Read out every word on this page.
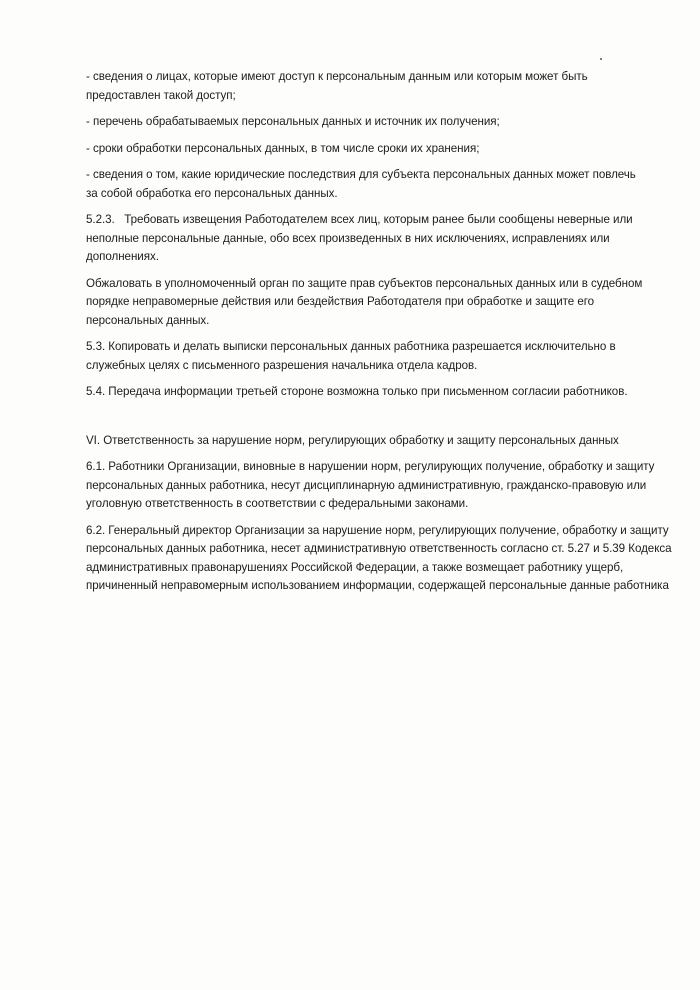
- сведения о лицах, которые имеют доступ к персональным данным или которым может быть
предоставлен такой доступ;

- перечень обрабатываемых персональных данных и источник их получения;

- сроки обработки персональных данных, в том числе сроки их хранения;

- сведения о том, какие юридические последствия для субъекта персональных данных может повлечь
за собой обработка его персональных данных.

5.2.3.   Требовать извещения Работодателем всех лиц, которым ранее были сообщены неверные или
неполные персональные данные, обо всех произведенных в них исключениях, исправлениях или
дополнениях.

Обжаловать в уполномоченный орган по защите прав субъектов персональных данных или в судебном
порядке неправомерные действия или бездействия Работодателя при обработке и защите его
персональных данных.

5.3. Копировать и делать выписки персональных данных работника разрешается исключительно в
служебных целях с письменного разрешения начальника отдела кадров.

5.4. Передача информации третьей стороне возможна только при письменном согласии работников.

VI. Ответственность за нарушение норм, регулирующих обработку и защиту персональных данных

6.1. Работники Организации, виновные в нарушении норм, регулирующих получение, обработку и защиту
персональных данных работника, несут дисциплинарную административную, гражданско-правовую или
уголовную ответственность в соответствии с федеральными законами.

6.2. Генеральный директор Организации за нарушение норм, регулирующих получение, обработку и защиту
персональных данных работника, несет административную ответственность согласно ст. 5.27 и 5.39 Кодекса
административных правонарушениях Российской Федерации, а также возмещает работнику ущерб,
причиненный неправомерным использованием информации, содержащей персональные данные работника
